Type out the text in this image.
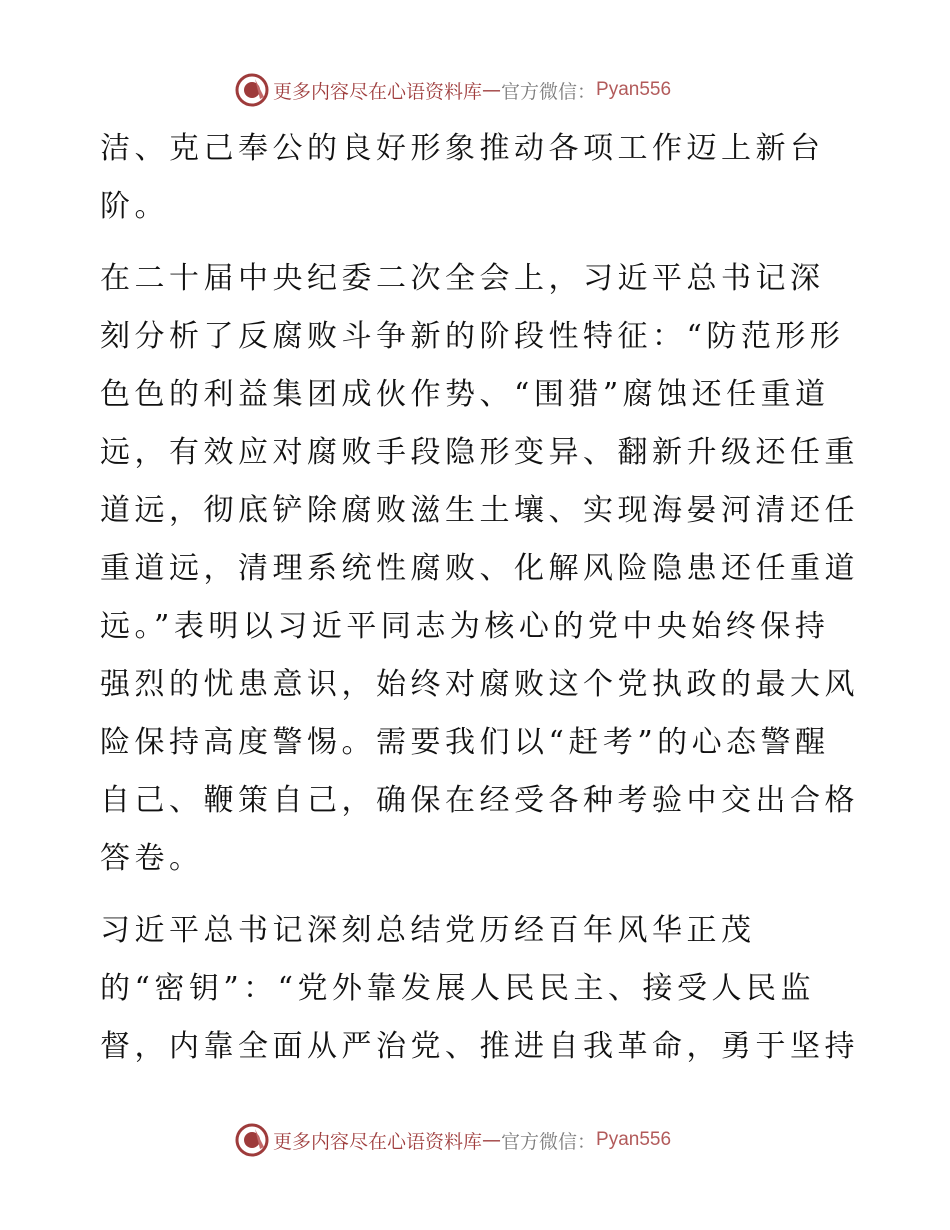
更多内容尽在心语资料库 — 官方微信： Pyan556
洁、克己奉公的良好形象推动各项工作迈上新台
阶。
在二十届中央纪委二次全会上，习近平总书记深
刻分析了反腐败斗争新的阶段性特征：“防范形形
色色的利益集团成伙作势、“围猎”腐蚀还任重道
远，有效应对腐败手段隐形变异、翻新升级还任重
道远，彻底铲除腐败滋生土壤、实现海晏河清还任
重道远，清理系统性腐败、化解风险隐患还任重道
远。”表明以习近平同志为核心的党中央始终保持
强烈的忧患意识，始终对腐败这个党执政的最大风
险保持高度警惕。需要我们以“赶考”的心态警醒
自己、鞭策自己，确保在经受各种考验中交出合格
答卷。
习近平总书记深刻总结党历经百年风华正茂
的“密钥”：“党外靠发展人民民主、接受人民监
督，内靠全面从严治党、推进自我革命，勇于坚持
更多内容尽在心语资料库 — 官方微信： Pyan556
